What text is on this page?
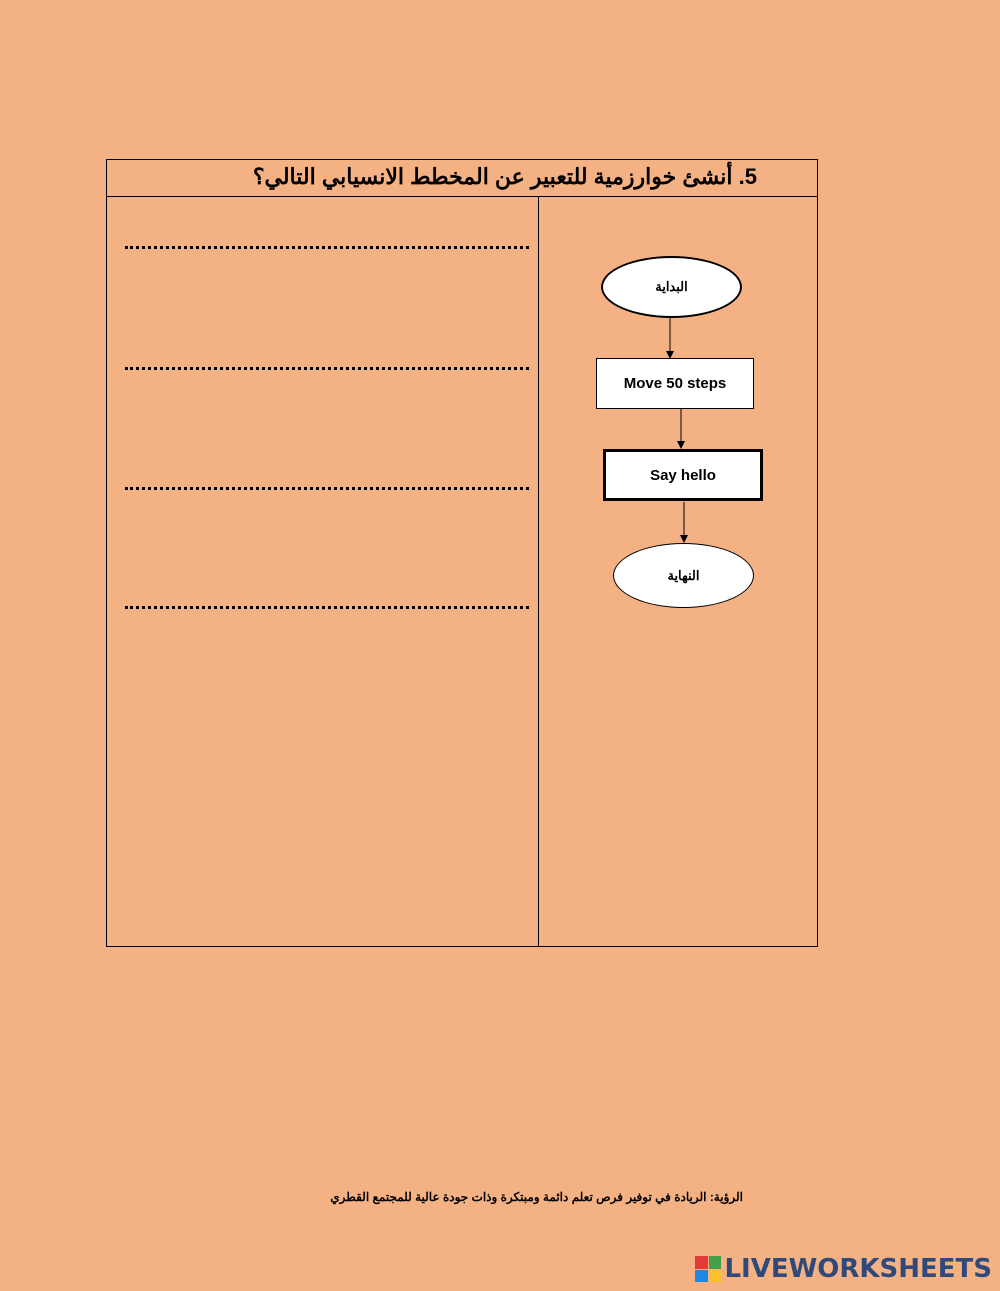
5. أنشئ خوارزمية للتعبير عن المخطط الانسيابي التالي؟
البداية
Move 50 steps
Say hello
النهاية
الرؤية: الريادة في توفير فرص تعلم دائمة ومبتكرة وذات جودة عالية للمجتمع القطري
LIVEWORKSHEETS
